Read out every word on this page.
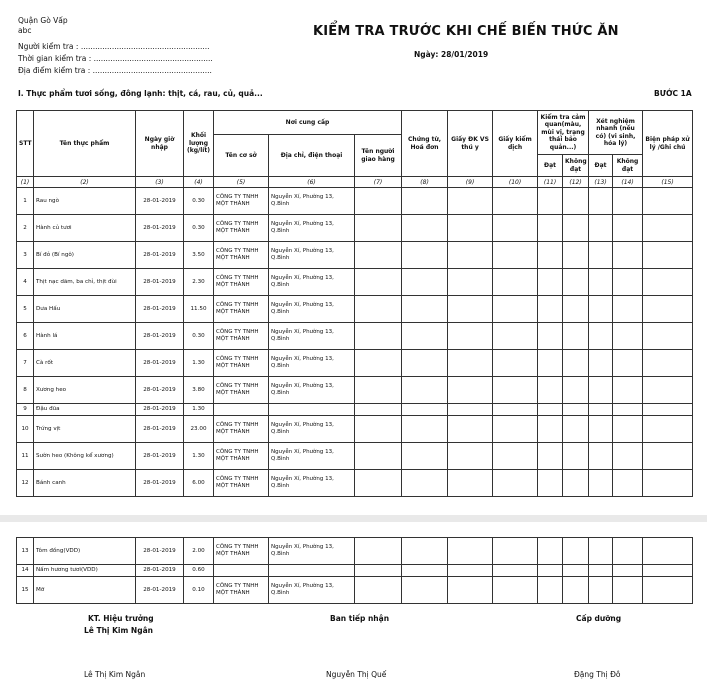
Quận Gò Vấp
abc
Người kiểm tra : ......................................................
Thời gian kiểm tra : ..................................................
Địa điểm kiểm tra : ..................................................
KIỂM TRA TRƯỚC KHI CHẾ BIẾN THỨC ĂN
Ngày: 28/01/2019
I. Thực phẩm tươi sống, đông lạnh: thịt, cá, rau, củ, quả...	BƯỚC 1A
STT	Tên thực phẩm	Ngày giờ nhập	Khối lượng (kg/lít)	Nơi cung cấp			Chứng từ, Hoá đơn	Giấy ĐK VS thú y	Giấy kiểm dịch	Kiểm tra cảm quan(màu, mùi vị, trạng thái bảo quản...)		Xét nghiệm nhanh (nếu có) (vi sinh, hóa lý)		Biện pháp xử lý /Ghi chú
				Tên cơ sở	Địa chỉ, điện thoại	Tên người giao hàng								
										Đạt	Không đạt	Đạt	Không đạt	
(1)	(2)	(3)	(4)	(5)	(6)	(7)	(8)	(9)	(10)	(11)	(12)	(13)	(14)	(15)
1	Rau ngò	28-01-2019	0.30	CÔNG TY TNHH MỘT THÀNH	Nguyễn Xí, Phường 13, Q.Bình									
2	Hành củ tươi	28-01-2019	0.30	CÔNG TY TNHH MỘT THÀNH	Nguyễn Xí, Phường 13, Q.Bình									
3	Bí đỏ (Bí ngô)	28-01-2019	3.50	CÔNG TY TNHH MỘT THÀNH	Nguyễn Xí, Phường 13, Q.Bình									
4	Thịt nạc dăm, ba chỉ, thịt đùi	28-01-2019	2.30	CÔNG TY TNHH MỘT THÀNH	Nguyễn Xí, Phường 13, Q.Bình									
5	Dưa Hấu	28-01-2019	11.50	CÔNG TY TNHH MỘT THÀNH	Nguyễn Xí, Phường 13, Q.Bình									
6	Hành lá	28-01-2019	0.30	CÔNG TY TNHH MỘT THÀNH	Nguyễn Xí, Phường 13, Q.Bình									
7	Cà rốt	28-01-2019	1.30	CÔNG TY TNHH MỘT THÀNH	Nguyễn Xí, Phường 13, Q.Bình									
8	Xương heo	28-01-2019	3.80	CÔNG TY TNHH MỘT THÀNH	Nguyễn Xí, Phường 13, Q.Bình									
9	Đậu đũa	28-01-2019	1.30											
10	Trứng vịt	28-01-2019	23.00	CÔNG TY TNHH MỘT THÀNH	Nguyễn Xí, Phường 13, Q.Bình									
11	Sườn heo (Không kể xương)	28-01-2019	1.30	CÔNG TY TNHH MỘT THÀNH	Nguyễn Xí, Phường 13, Q.Bình									
12	Bánh canh	28-01-2019	6.00	CÔNG TY TNHH MỘT THÀNH	Nguyễn Xí, Phường 13, Q.Bình									
13	Tôm đồng(VDD)	28-01-2019	2.00	CÔNG TY TNHH MỘT THÀNH	Nguyễn Xí, Phường 13, Q.Bình									
14	Nấm hương tươi(VDD)	28-01-2019	0.60											
15	Mỡ	28-01-2019	0.10	CÔNG TY TNHH MỘT THÀNH	Nguyễn Xí, Phường 13, Q.Bình									
KT. Hiệu trưởng
Lê Thị Kim Ngân
Ban tiếp nhận	Cấp dưỡng
Lê Thị Kim Ngân	Nguyễn Thị Quế	Đặng Thị Đô
